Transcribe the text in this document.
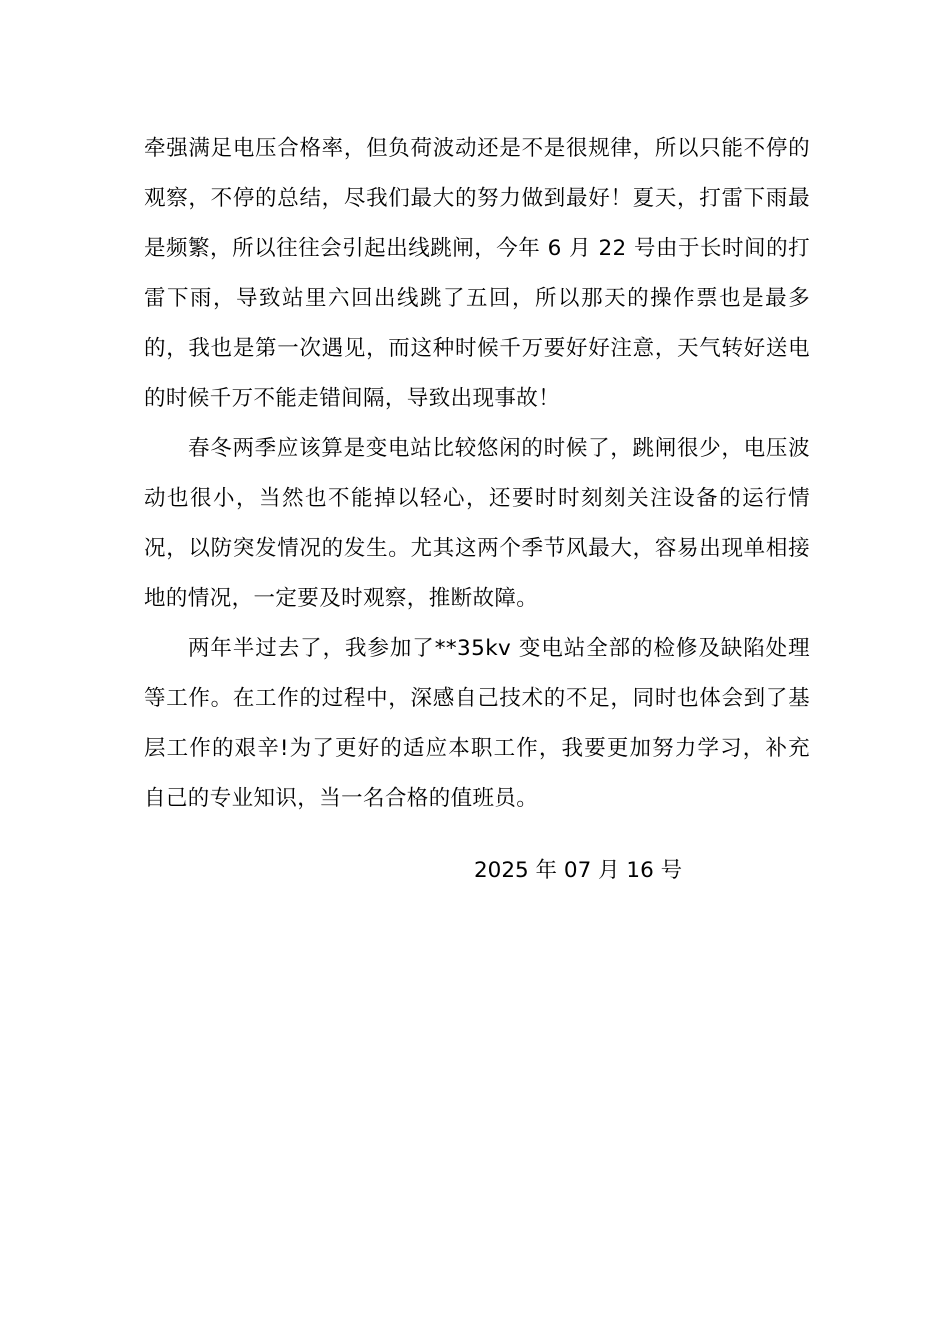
牵强满足电压合格率，但负荷波动还是不是很规律，所以只能不停的观察，不停的总结，尽我们最大的努力做到最好！夏天，打雷下雨最是频繁，所以往往会引起出线跳闸，今年 6 月 22 号由于长时间的打雷下雨，导致站里六回出线跳了五回，所以那天的操作票也是最多的，我也是第一次遇见，而这种时候千万要好好注意，天气转好送电的时候千万不能走错间隔，导致出现事故！

春冬两季应该算是变电站比较悠闲的时候了，跳闸很少，电压波动也很小，当然也不能掉以轻心，还要时时刻刻关注设备的运行情况，以防突发情况的发生。尤其这两个季节风最大，容易出现单相接地的情况，一定要及时观察，推断故障。

两年半过去了，我参加了**35kv 变电站全部的检修及缺陷处理等工作。在工作的过程中，深感自己技术的不足，同时也体会到了基层工作的艰辛!为了更好的适应本职工作，我要更加努力学习，补充自己的专业知识，当一名合格的值班员。

2025 年 07 月 16 号
